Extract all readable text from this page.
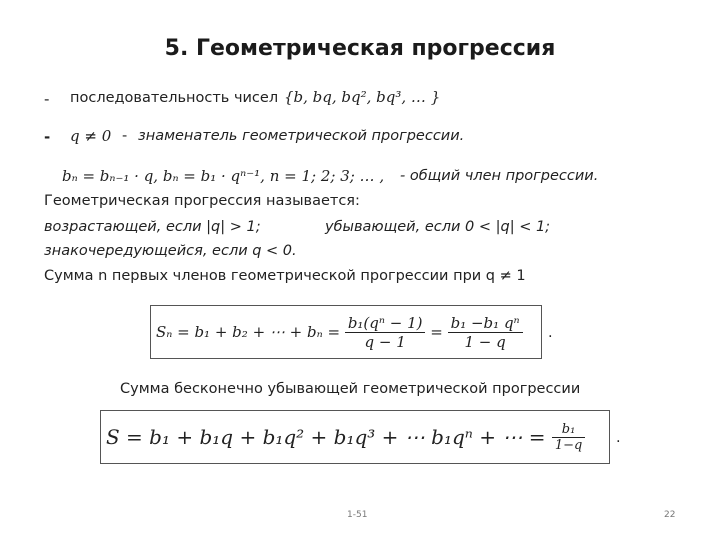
5. Геометрическая прогрессия
- последовательность чисел {b, bq, bq², bq³, … }
- q ≠ 0 - знаменатель геометрической прогрессии.
bₙ = bₙ₋₁ · q, bₙ = b₁ · qⁿ⁻¹, n = 1; 2; 3; … , - общий член прогрессии.
Геометрическая прогрессия называется:
возрастающей, если |q| > 1;	убывающей, если 0 < |q| < 1;
знакочередующейся, если q < 0.
Сумма n первых членов геометрической прогрессии при q ≠ 1
Sₙ = b₁ + b₂ + ⋯ + bₙ =
$\frac{\text{b₁(qⁿ − 1)}}{q - 1}$
=
$\frac{\text{b₁ −b₁ qⁿ}}{1 - q}$ .
Сумма бесконечно убывающей геометрической прогрессии
S = b₁ + b₁q + b₁q² + b₁q³ + ⋯ b₁qⁿ + ⋯ =
$\frac{\text{b₁}}{1-q}$ .
1-51	22
